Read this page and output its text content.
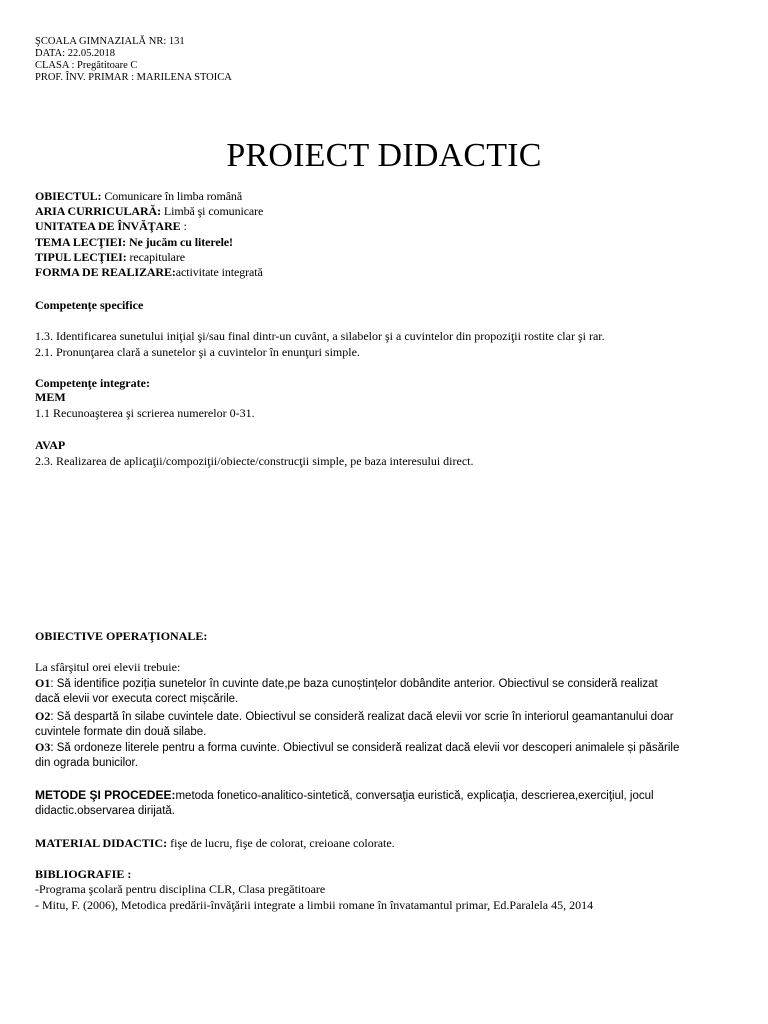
ŞCOALA GIMNAZIALĂ NR: 131
DATA: 22.05.2018
CLASA : Pregătitoare C
PROF. ÎNV. PRIMAR : MARILENA STOICA
PROIECT DIDACTIC
OBIECTUL: Comunicare în limba română
ARIA CURRICULARĂ: Limbă şi comunicare
UNITATEA DE ÎNVĂŢARE :
TEMA LECŢIEI: Ne jucăm cu literele!
TIPUL LECŢIEI: recapitulare
FORMA DE REALIZARE:activitate integrată
Competențe specifice
1.3. Identificarea sunetului iniţial şi/sau final dintr-un cuvânt, a silabelor şi a cuvintelor din propoziţii rostite clar şi rar.
2.1. Pronunţarea clară a sunetelor şi a cuvintelor în enunţuri simple.
Competenţe integrate:
MEM
1.1 Recunoaşterea şi scrierea numerelor 0-31.
AVAP
2.3. Realizarea de aplicaţii/compoziţii/obiecte/construcţii simple, pe baza interesului direct.
OBIECTIVE OPERAŢIONALE:
La sfârşitul orei elevii trebuie:
O1: Să identifice poziția sunetelor în cuvinte date,pe baza cunoștințelor dobândite anterior. Obiectivul se consideră realizat
dacă elevii vor executa corect mișcările.
O2: Să despartă în silabe cuvintele date. Obiectivul se consideră realizat dacă elevii vor scrie în interiorul geamantanului doar
cuvintele formate din două silabe.
O3: Să ordoneze literele pentru a forma cuvinte. Obiectivul se consideră realizat dacă elevii vor descoperi animalele și păsările
din ograda bunicilor.
METODE ŞI PROCEDEE:metoda fonetico-analitico-sintetică, conversaţia euristică, explicaţia, descrierea,exerciţiul, jocul
didactic.observarea dirijată.
MATERIAL DIDACTIC: fişe de lucru, fişe de colorat, creioane colorate.
BIBLIOGRAFIE :
-Programa şcolară pentru disciplina CLR, Clasa pregătitoare
- Mitu, F. (2006), Metodica predării-învăţării integrate a limbii romane în învatamantul primar, Ed.Paralela 45, 2014
